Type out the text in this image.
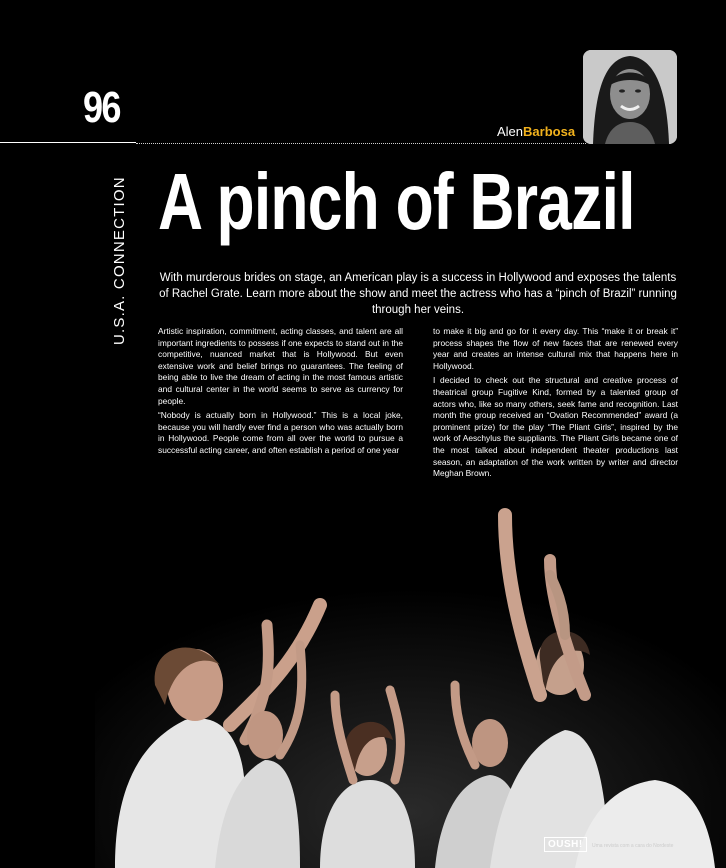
96
U.S.A. CONNECTION
AlenBarbosa
A pinch of Brazil
With murderous brides on stage, an American play is a success in Hollywood and exposes the talents of Rachel Grate. Learn more about the show and meet the actress who has a “pinch of Brazil” running through her veins.

Artistic inspiration, commitment, acting classes, and talent are all important ingredients to possess if one expects to stand out in the competitive, nuanced market that is Hollywood. But even extensive work and belief brings no guarantees. The feeling of being able to live the dream of acting in the most famous artistic and cultural center in the world seems to serve as currency for people.

“Nobody is actually born in Hollywood.” This is a local joke, because you will hardly ever find a person who was actually born in Hollywood. People come from all over the world to pursue a successful acting career, and often establish a period of one year

to make it big and go for it every day. This “make it or break it” process shapes the flow of new faces that are renewed every year and creates an intense cultural mix that happens here in Hollywood.

I decided to check out the structural and creative process of theatrical group Fugitive Kind, formed by a talented group of actors who, like so many others, seek fame and recognition. Last month the group received an “Ovation Recommended” award (a prominent prize) for the play “The Pliant Girls”, inspired by the work of Aeschylus the suppliants. The Pliant Girls became one of the most talked about independent theater productions last season, an adaptation of the work written by writer and director Meghan Brown.

OUSH!	Uma revista com a cara do Nordeste
